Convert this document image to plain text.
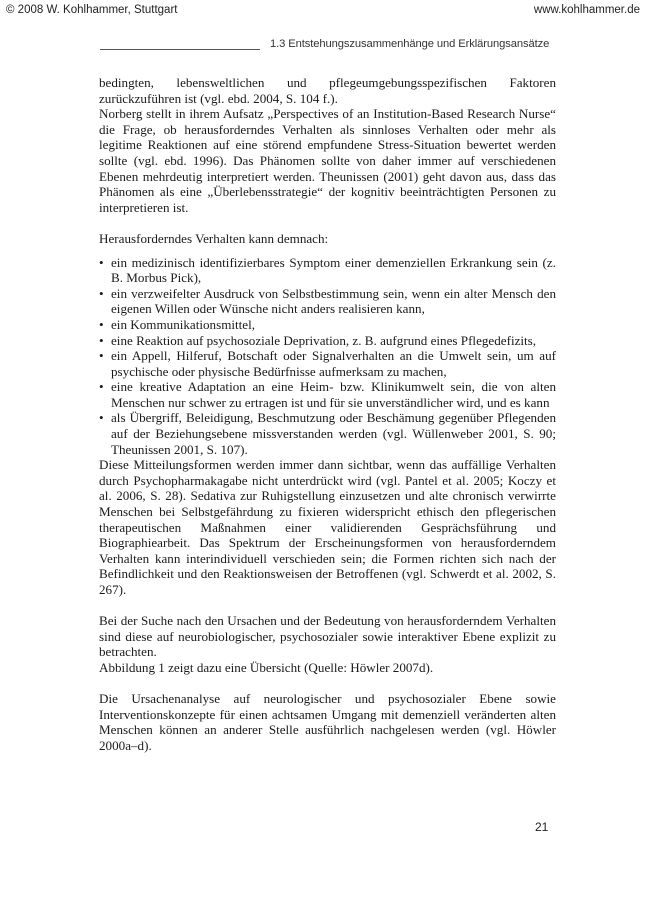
© 2008 W. Kohlhammer, Stuttgart	www.kohlhammer.de
1.3 Entstehungszusammenhänge und Erklärungsansätze

bedingten, lebensweltlichen und pflegeumgebungsspezifischen Faktoren zurückzuführen ist (vgl. ebd. 2004, S. 104 f.).

Norberg stellt in ihrem Aufsatz „Perspectives of an Institution-Based Research Nurse“ die Frage, ob herausforderndes Verhalten als sinnloses Verhalten oder mehr als legitime Reaktionen auf eine störend empfundene Stress-Situation bewertet werden sollte (vgl. ebd. 1996). Das Phänomen sollte von daher immer auf verschiedenen Ebenen mehrdeutig interpretiert werden. Theunissen (2001) geht davon aus, dass das Phänomen als eine „Überlebensstrategie“ der kognitiv beeinträchtigten Personen zu interpretieren ist.

Herausforderndes Verhalten kann demnach:

• ein medizinisch identifizierbares Symptom einer demenziellen Erkrankung sein (z. B. Morbus Pick),
• ein verzweifelter Ausdruck von Selbstbestimmung sein, wenn ein alter Mensch den eigenen Willen oder Wünsche nicht anders realisieren kann,
• ein Kommunikationsmittel,
• eine Reaktion auf psychosoziale Deprivation, z. B. aufgrund eines Pflegedefizits,
• ein Appell, Hilferuf, Botschaft oder Signalverhalten an die Umwelt sein, um auf psychische oder physische Bedürfnisse aufmerksam zu machen,
• eine kreative Adaptation an eine Heim- bzw. Klinikumwelt sein, die von alten Menschen nur schwer zu ertragen ist und für sie unverständlicher wird, und es kann
• als Übergriff, Beleidigung, Beschmutzung oder Beschämung gegenüber Pflegenden auf der Beziehungsebene missverstanden werden (vgl. Wüllenweber 2001, S. 90; Theunissen 2001, S. 107).

Diese Mitteilungsformen werden immer dann sichtbar, wenn das auffällige Verhalten durch Psychopharmakagabe nicht unterdrückt wird (vgl. Pantel et al. 2005; Koczy et al. 2006, S. 28). Sedativa zur Ruhigstellung einzusetzen und alte chronisch verwirrte Menschen bei Selbstgefährdung zu fixieren widerspricht ethisch den pflegerischen therapeutischen Maßnahmen einer validierenden Gesprächsführung und Biographiearbeit. Das Spektrum der Erscheinungsformen von herausforderndem Verhalten kann interindividuell verschieden sein; die Formen richten sich nach der Befindlichkeit und den Reaktionsweisen der Betroffenen (vgl. Schwerdt et al. 2002, S. 267).

Bei der Suche nach den Ursachen und der Bedeutung von herausforderndem Verhalten sind diese auf neurobiologischer, psychosozialer sowie interaktiver Ebene explizit zu betrachten.

Abbildung 1 zeigt dazu eine Übersicht (Quelle: Höwler 2007d).

Die Ursachenanalyse auf neurologischer und psychosozialer Ebene sowie Interventionskonzepte für einen achtsamen Umgang mit demenziell veränderten alten Menschen können an anderer Stelle ausführlich nachgelesen werden (vgl. Höwler 2000a–d).

21
